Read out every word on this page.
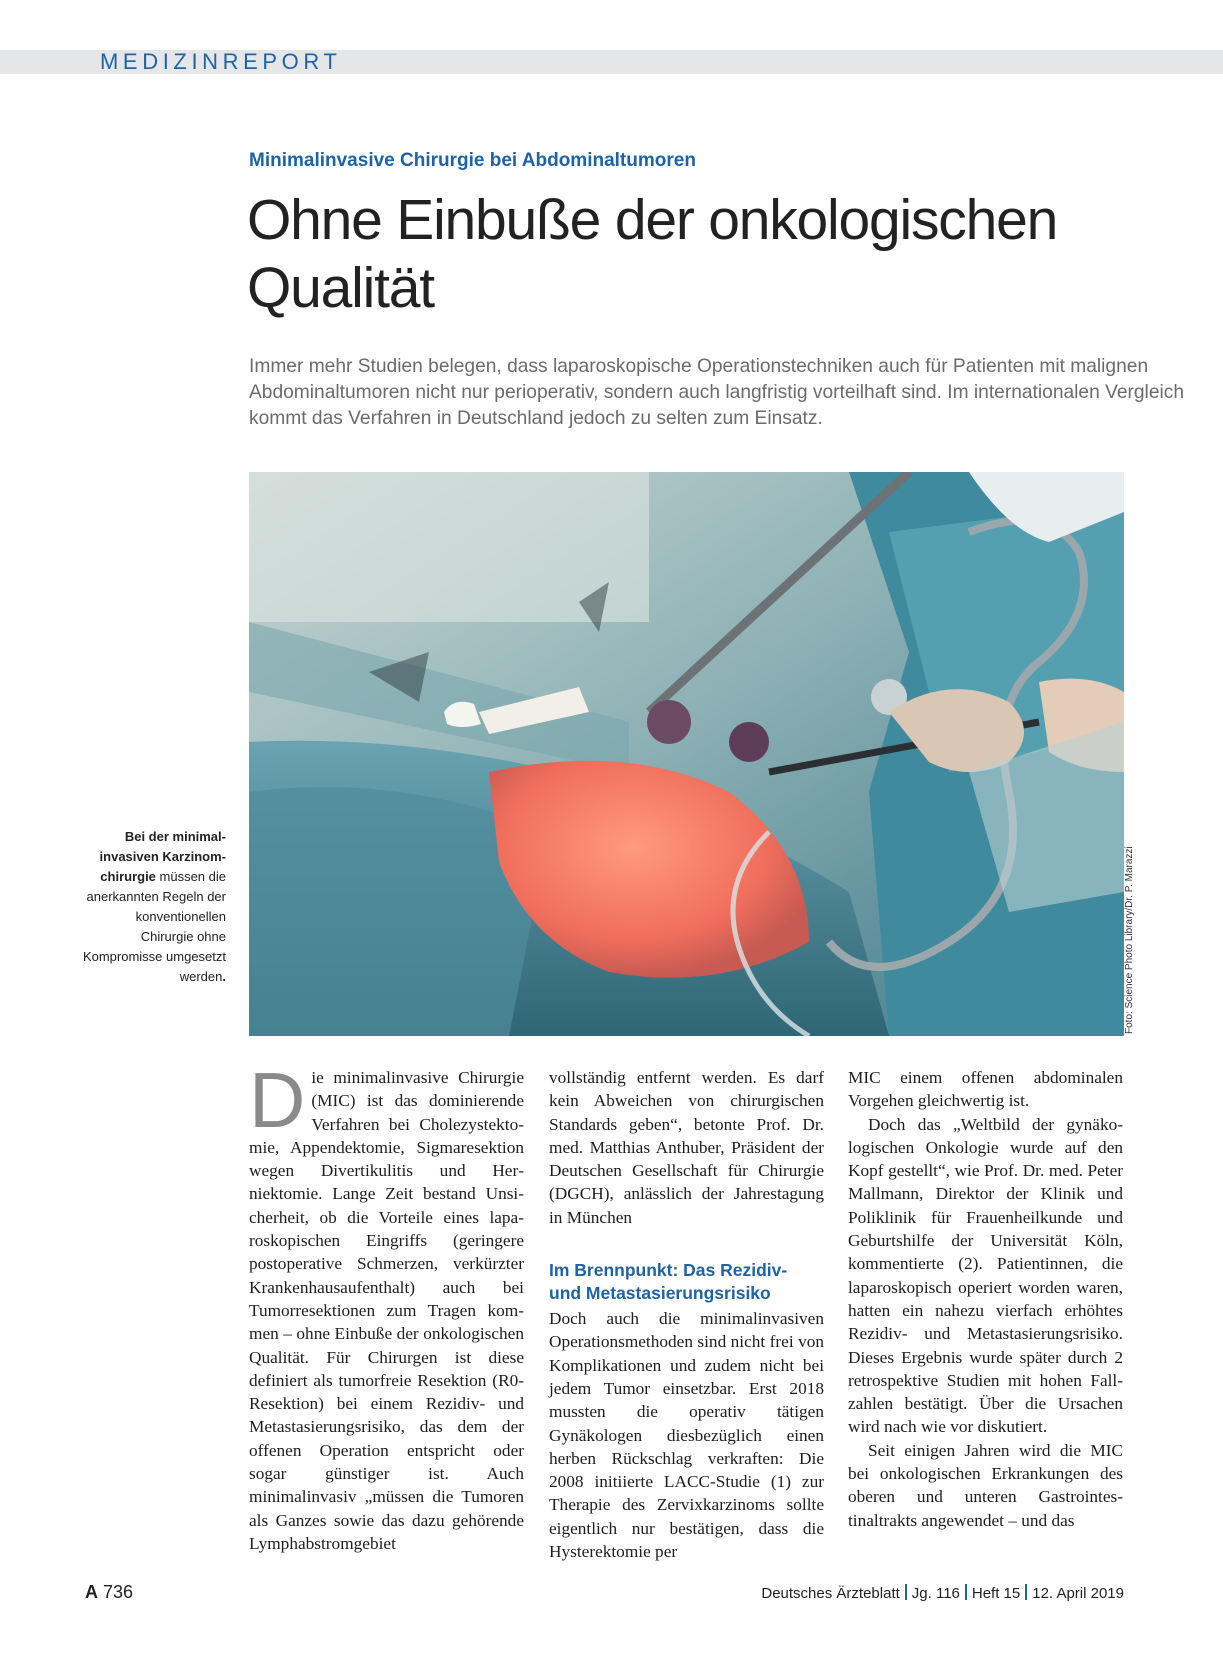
MEDIZINREPORT
Minimalinvasive Chirurgie bei Abdominaltumoren
Ohne Einbuße der onkologischen
Qualität

Immer mehr Studien belegen, dass laparoskopische Operationstechniken auch für Patienten mit malignen Abdominaltumoren nicht nur perioperativ, sondern auch langfristig vorteilhaft sind. Im internationalen Vergleich kommt das Verfahren in Deutschland jedoch zu selten zum Einsatz.

Foto: Science Photo Library/Dr. P. Marazzi
Bei der minimalinvasiven Karzinomchirurgie müssen die anerkannten Regeln der konventionellen Chirurgie ohne Kompromisse umgesetzt werden.
D ie minimalinvasive Chirurgie (MIC) ist das dominierende Verfahren bei Cholezystektomie, Appendektomie, Sigmaresektion wegen Divertikulitis und Herniektomie. Lange Zeit bestand Unsicherheit, ob die Vorteile eines laparoskopischen Eingriffs (geringere postoperative Schmerzen, verkürzter Krankenhausaufenthalt) auch bei Tumorresektionen zum Tragen kommen – ohne Einbuße der onkologischen Qualität. Für Chirurgen ist diese definiert als tumorfreie Resektion (R0-Resektion) bei einem Rezidiv- und Metastasierungsrisiko, das dem der offenen Operation entspricht oder sogar günstiger ist. Auch minimalinvasiv „müssen die Tumoren als Ganzes sowie das dazu gehörende Lymphabstromgebiet

vollständig entfernt werden. Es darf kein Abweichen von chirurgischen Standards geben“, betonte Prof. Dr. med. Matthias Anthuber, Präsident der Deutschen Gesellschaft für Chirurgie (DGCH), anlässlich der Jahrestagung in München

Im Brennpunkt: Das Rezidiv- und Metastasierungsrisiko

Doch auch die minimalinvasiven Operationsmethoden sind nicht frei von Komplikationen und zudem nicht bei jedem Tumor einsetzbar. Erst 2018 mussten die operativ tätigen Gynäkologen diesbezüglich einen herben Rückschlag verkraften: Die 2008 initiierte LACC-Studie (1) zur Therapie des Zervixkarzinoms sollte eigentlich nur bestätigen, dass die Hysterektomie per

MIC einem offenen abdominalen Vorgehen gleichwertig ist.

Doch das „Weltbild der gynäkologischen Onkologie wurde auf den Kopf gestellt“, wie Prof. Dr. med. Peter Mallmann, Direktor der Klinik und Poliklinik für Frauenheilkunde und Geburtshilfe der Universität Köln, kommentierte (2). Patientinnen, die laparoskopisch operiert worden waren, hatten ein nahezu vierfach erhöhtes Rezidiv- und Metastasierungsrisiko. Dieses Ergebnis wurde später durch 2 retrospektive Studien mit hohen Fallzahlen bestätigt. Über die Ursachen wird nach wie vor diskutiert.

Seit einigen Jahren wird die MIC bei onkologischen Erkrankungen des oberen und unteren Gastrointestinaltrakts angewendet – und das

A 736	Deutsches Ärzteblatt Jg. 116 Heft 15 12. April 2019
